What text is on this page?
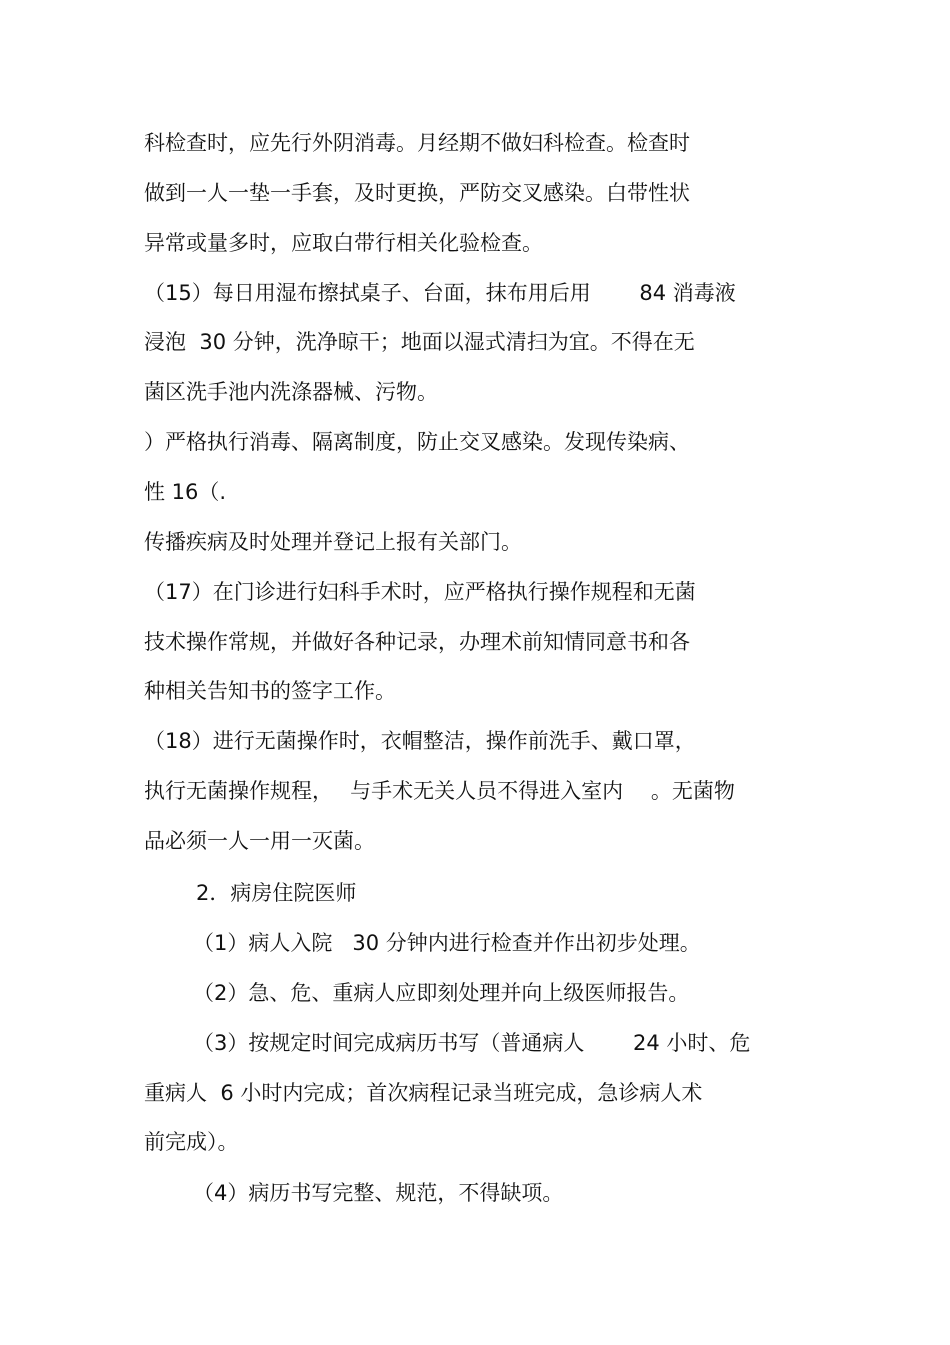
科检查时，应先行外阴消毒。月经期不做妇科检查。检查时
做到一人一垫一手套，及时更换，严防交叉感染。白带性状
异常或量多时，应取白带行相关化验检查。
（15）每日用湿布擦拭桌子、台面，抹布用后用　　 84 消毒液
浸泡  30 分钟，洗净晾干；地面以湿式清扫为宜。不得在无
菌区洗手池内洗涤器械、污物。
）严格执行消毒、隔离制度，防止交叉感染。发现传染病、
性 16（.
传播疾病及时处理并登记上报有关部门。
（17）在门诊进行妇科手术时，应严格执行操作规程和无菌
技术操作常规，并做好各种记录，办理术前知情同意书和各
种相关告知书的签字工作。
（18）进行无菌操作时，衣帽整洁，操作前洗手、戴口罩，
执行无菌操作规程，　 与手术无关人员不得进入室内　 。无菌物
品必须一人一用一灭菌。
2．病房住院医师
（1）病人入院   30 分钟内进行检查并作出初步处理。
（2）急、危、重病人应即刻处理并向上级医师报告。
（3）按规定时间完成病历书写（普通病人　　 24 小时、危
重病人  6 小时内完成；首次病程记录当班完成，急诊病人术
前完成）。
（4）病历书写完整、规范，不得缺项。
